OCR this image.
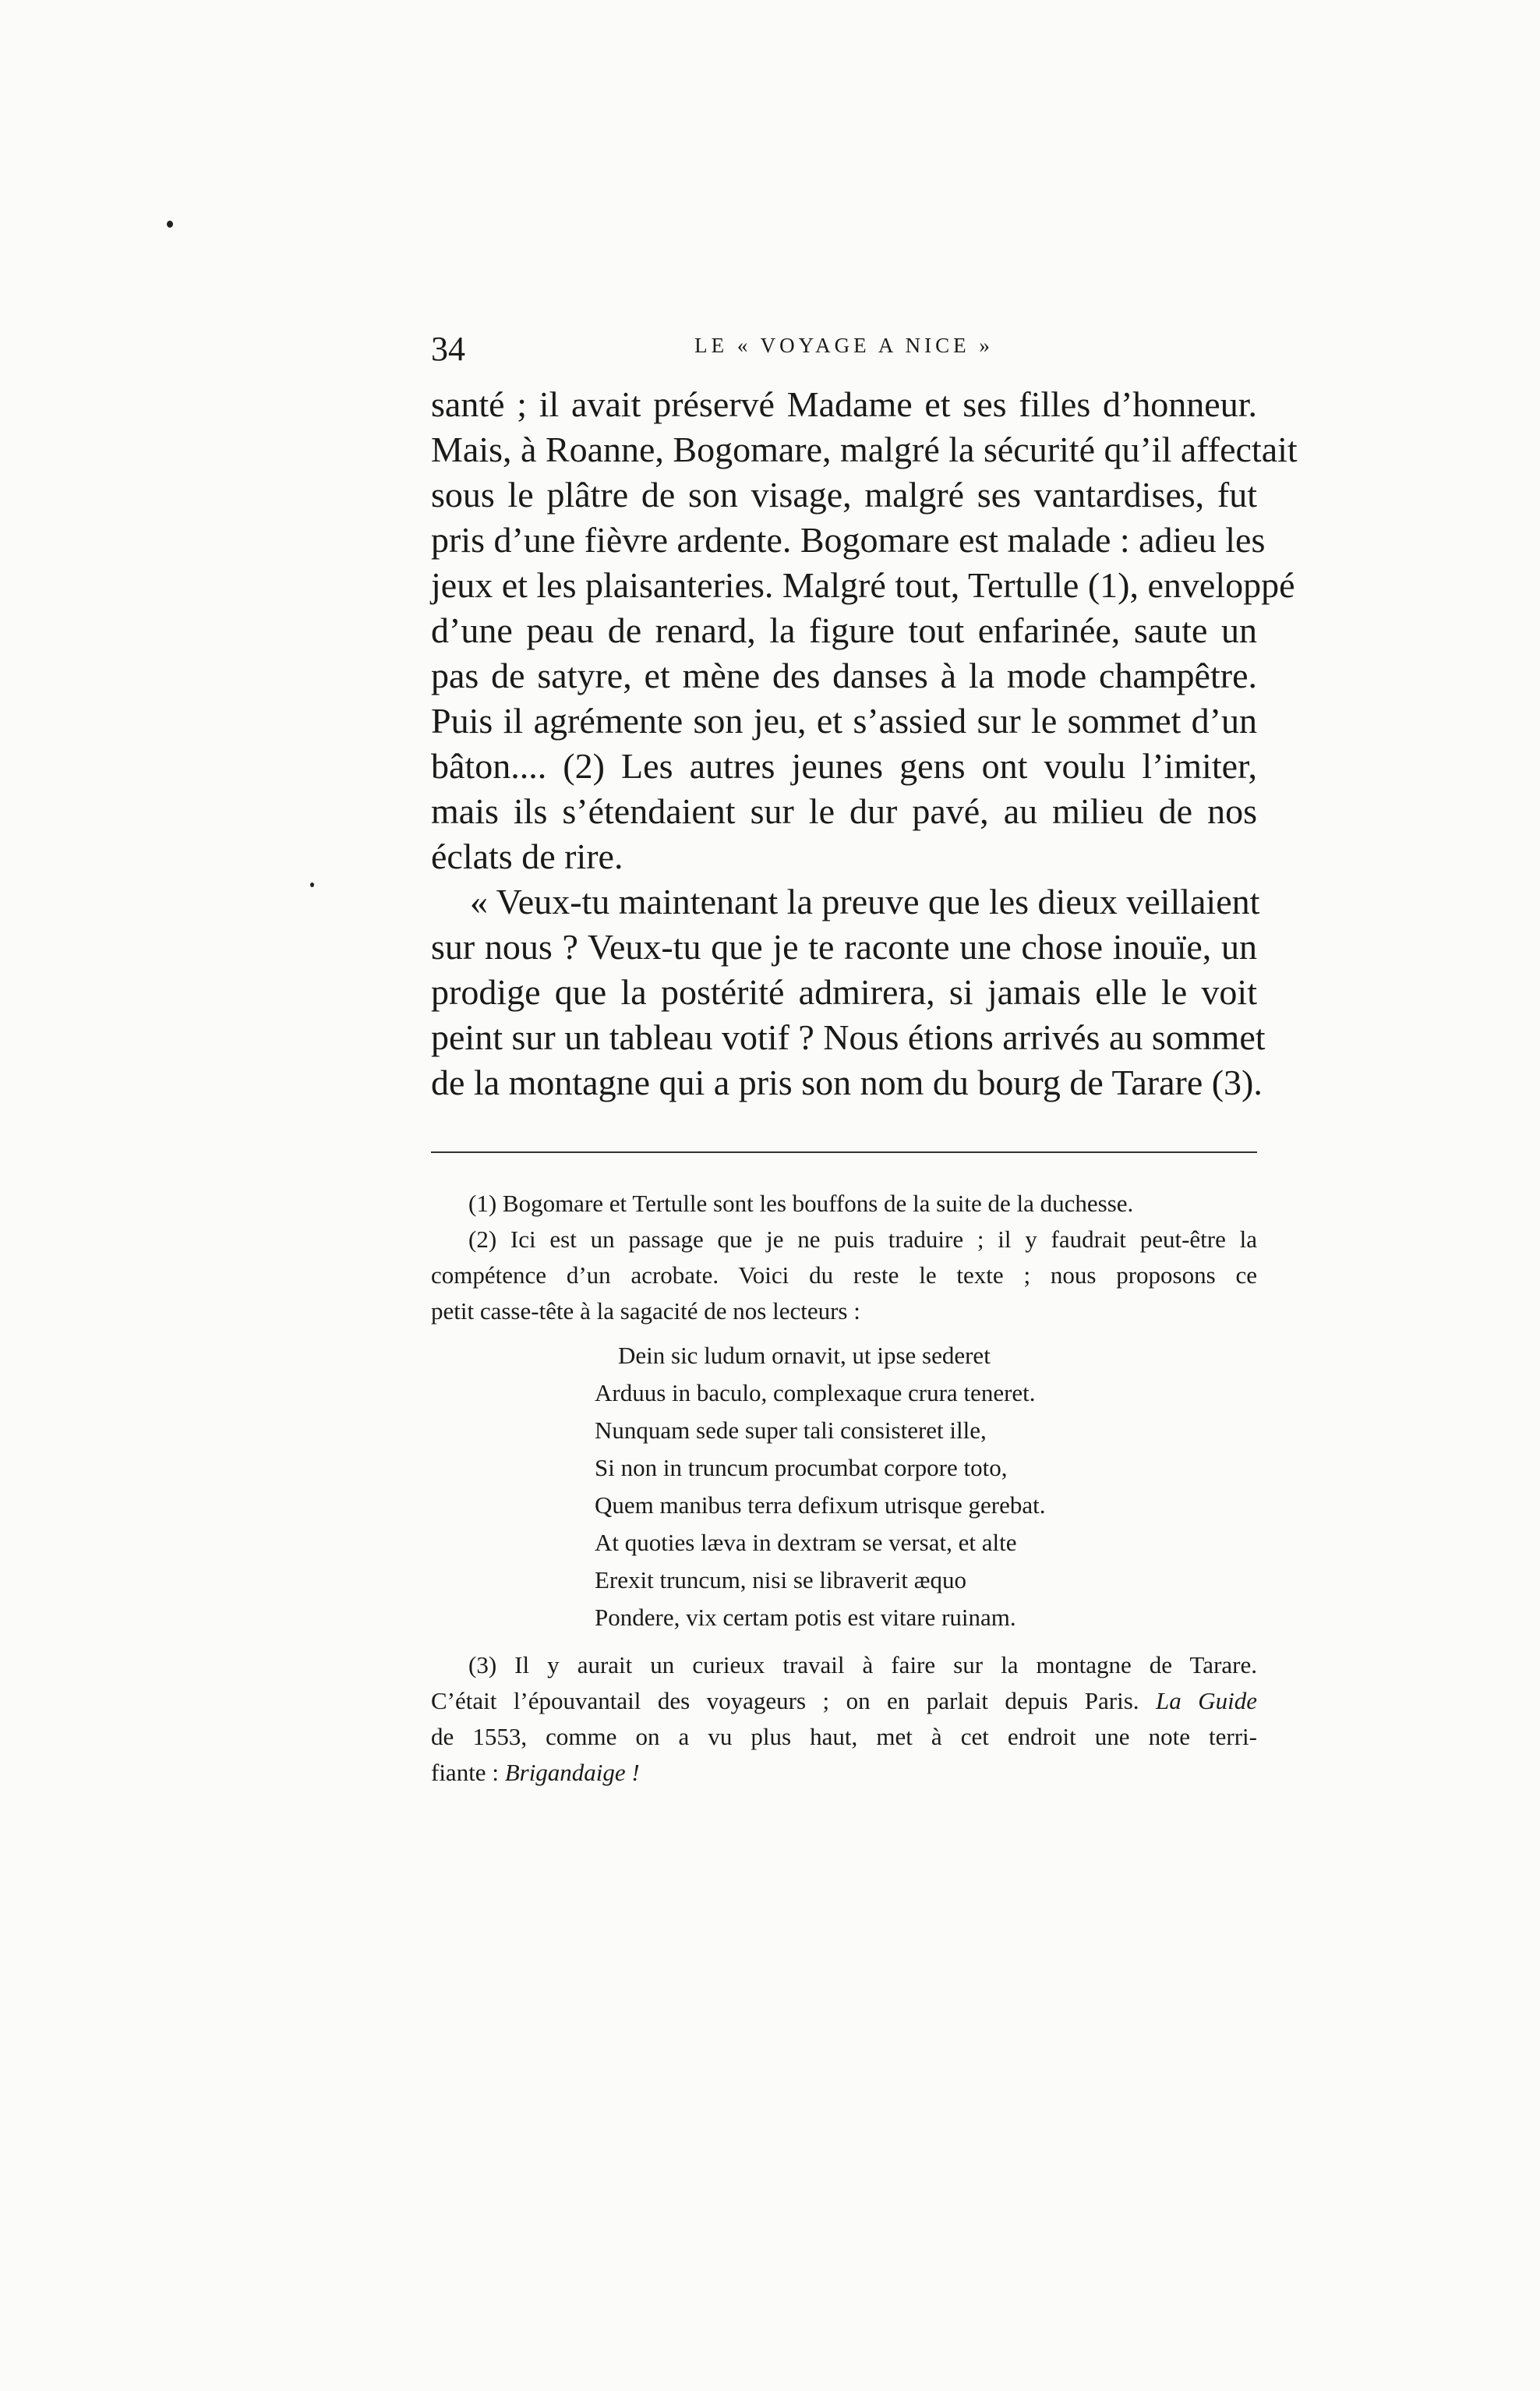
34	LE « VOYAGE A NICE »
santé ; il avait préservé Madame et ses filles d’honneur.
Mais, à Roanne, Bogomare, malgré la sécurité qu’il affectait
sous le plâtre de son visage, malgré ses vantardises, fut
pris d’une fièvre ardente. Bogomare est malade : adieu les
jeux et les plaisanteries. Malgré tout, Tertulle (1), enveloppé
d’une peau de renard, la figure tout enfarinée, saute un
pas de satyre, et mène des danses à la mode champêtre.
Puis il agrémente son jeu, et s’assied sur le sommet d’un
bâton.... (2) Les autres jeunes gens ont voulu l’imiter,
mais ils s’étendaient sur le dur pavé, au milieu de nos
éclats de rire.
« Veux-tu maintenant la preuve que les dieux veillaient
sur nous ? Veux-tu que je te raconte une chose inouïe, un
prodige que la postérité admirera, si jamais elle le voit
peint sur un tableau votif ? Nous étions arrivés au sommet
de la montagne qui a pris son nom du bourg de Tarare (3).
(1) Bogomare et Tertulle sont les bouffons de la suite de la duchesse.
(2) Ici est un passage que je ne puis traduire ; il y faudrait peut-être la
compétence d’un acrobate. Voici du reste le texte ; nous proposons ce
petit casse-tête à la sagacité de nos lecteurs :
Dein sic ludum ornavit, ut ipse sederet
Arduus in baculo, complexaque crura teneret.
Nunquam sede super tali consisteret ille,
Si non in truncum procumbat corpore toto,
Quem manibus terra defixum utrisque gerebat.
At quoties læva in dextram se versat, et alte
Erexit truncum, nisi se libraverit æquo
Pondere, vix certam potis est vitare ruinam.
(3) Il y aurait un curieux travail à faire sur la montagne de Tarare.
C’était l’épouvantail des voyageurs ; on en parlait depuis Paris. La Guide
de 1553, comme on a vu plus haut, met à cet endroit une note terri-
fiante : Brigandaige !
